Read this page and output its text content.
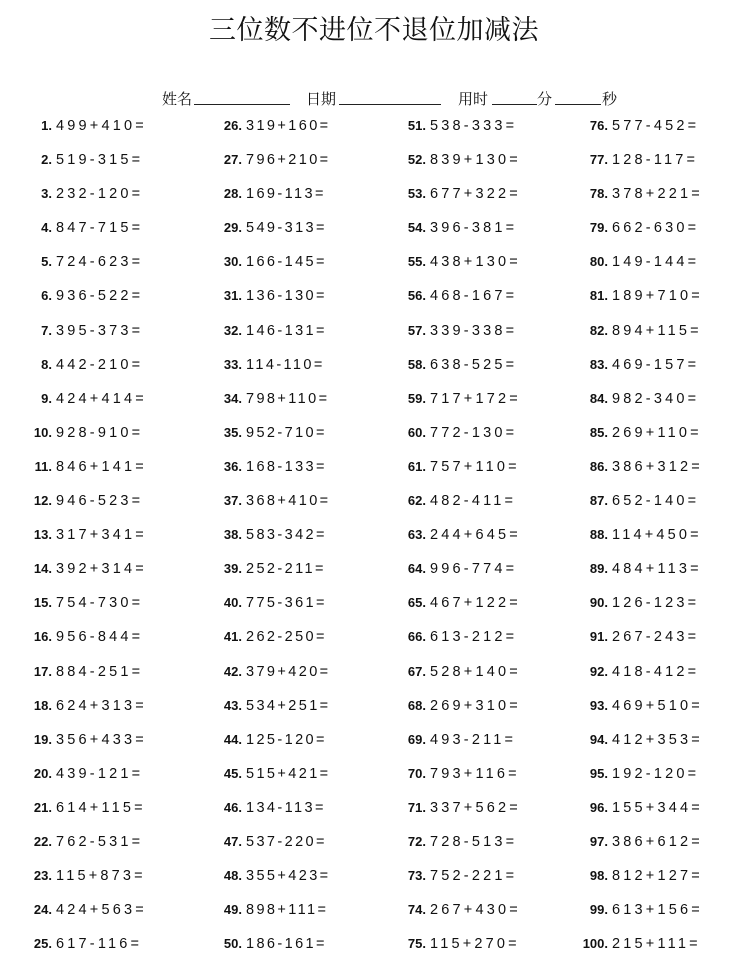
三位数不进位不退位加减法
姓名	日期	用时	分	秒
1. 499+410=
2. 519-315=
3. 232-120=
4. 847-715=
5. 724-623=
6. 936-522=
7. 395-373=
8. 442-210=
9. 424+414=
10. 928-910=
11. 846+141=
12. 946-523=
13. 317+341=
14. 392+314=
15. 754-730=
16. 956-844=
17. 884-251=
18. 624+313=
19. 356+433=
20. 439-121=
21. 614+115=
22. 762-531=
23. 115+873=
24. 424+563=
25. 617-116=
26. 319+160=
27. 796+210=
28. 169-113=
29. 549-313=
30. 166-145=
31. 136-130=
32. 146-131=
33. 114-110=
34. 798+110=
35. 952-710=
36. 168-133=
37. 368+410=
38. 583-342=
39. 252-211=
40. 775-361=
41. 262-250=
42. 379+420=
43. 534+251=
44. 125-120=
45. 515+421=
46. 134-113=
47. 537-220=
48. 355+423=
49. 898+111=
50. 186-161=
51. 538-333=
52. 839+130=
53. 677+322=
54. 396-381=
55. 438+130=
56. 468-167=
57. 339-338=
58. 638-525=
59. 717+172=
60. 772-130=
61. 757+110=
62. 482-411=
63. 244+645=
64. 996-774=
65. 467+122=
66. 613-212=
67. 528+140=
68. 269+310=
69. 493-211=
70. 793+116=
71. 337+562=
72. 728-513=
73. 752-221=
74. 267+430=
75. 115+270=
76. 577-452=
77. 128-117=
78. 378+221=
79. 662-630=
80. 149-144=
81. 189+710=
82. 894+115=
83. 469-157=
84. 982-340=
85. 269+110=
86. 386+312=
87. 652-140=
88. 114+450=
89. 484+113=
90. 126-123=
91. 267-243=
92. 418-412=
93. 469+510=
94. 412+353=
95. 192-120=
96. 155+344=
97. 386+612=
98. 812+127=
99. 613+156=
100. 215+111=
